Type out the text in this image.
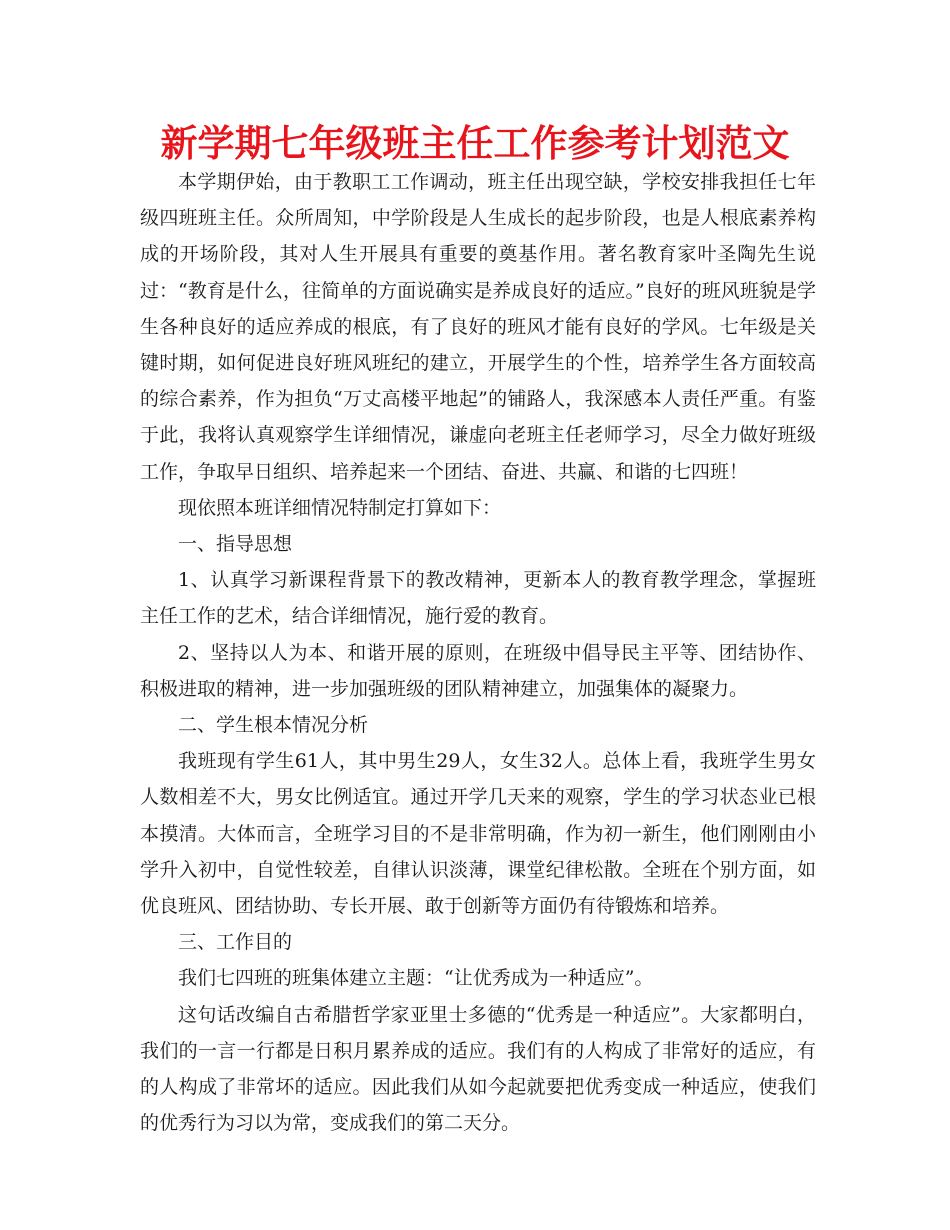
新学期七年级班主任工作参考计划范文

本学期伊始，由于教职工工作调动，班主任出现空缺，学校安排我担任七年级四班班主任。众所周知，中学阶段是人生成长的起步阶段，也是人根底素养构成的开场阶段，其对人生开展具有重要的奠基作用。著名教育家叶圣陶先生说过：“教育是什么，往简单的方面说确实是养成良好的适应。”良好的班风班貌是学生各种良好的适应养成的根底，有了良好的班风才能有良好的学风。七年级是关键时期，如何促进良好班风班纪的建立，开展学生的个性，培养学生各方面较高的综合素养，作为担负“万丈高楼平地起”的铺路人，我深感本人责任严重。有鉴于此，我将认真观察学生详细情况，谦虚向老班主任老师学习，尽全力做好班级工作，争取早日组织、培养起来一个团结、奋进、共赢、和谐的七四班！

现依照本班详细情况特制定打算如下：

一、指导思想

1、认真学习新课程背景下的教改精神，更新本人的教育教学理念，掌握班主任工作的艺术，结合详细情况，施行爱的教育。

2、坚持以人为本、和谐开展的原则，在班级中倡导民主平等、团结协作、积极进取的精神，进一步加强班级的团队精神建立，加强集体的凝聚力。

二、学生根本情况分析

我班现有学生61人，其中男生29人，女生32人。总体上看，我班学生男女人数相差不大，男女比例适宜。通过开学几天来的观察，学生的学习状态业已根本摸清。大体而言，全班学习目的不是非常明确，作为初一新生，他们刚刚由小学升入初中，自觉性较差，自律认识淡薄，课堂纪律松散。全班在个别方面，如优良班风、团结协助、专长开展、敢于创新等方面仍有待锻炼和培养。

三、工作目的

我们七四班的班集体建立主题：“让优秀成为一种适应”。

这句话改编自古希腊哲学家亚里士多德的“优秀是一种适应”。大家都明白，我们的一言一行都是日积月累养成的适应。我们有的人构成了非常好的适应，有的人构成了非常坏的适应。因此我们从如今起就要把优秀变成一种适应，使我们的优秀行为习以为常，变成我们的第二天分。
